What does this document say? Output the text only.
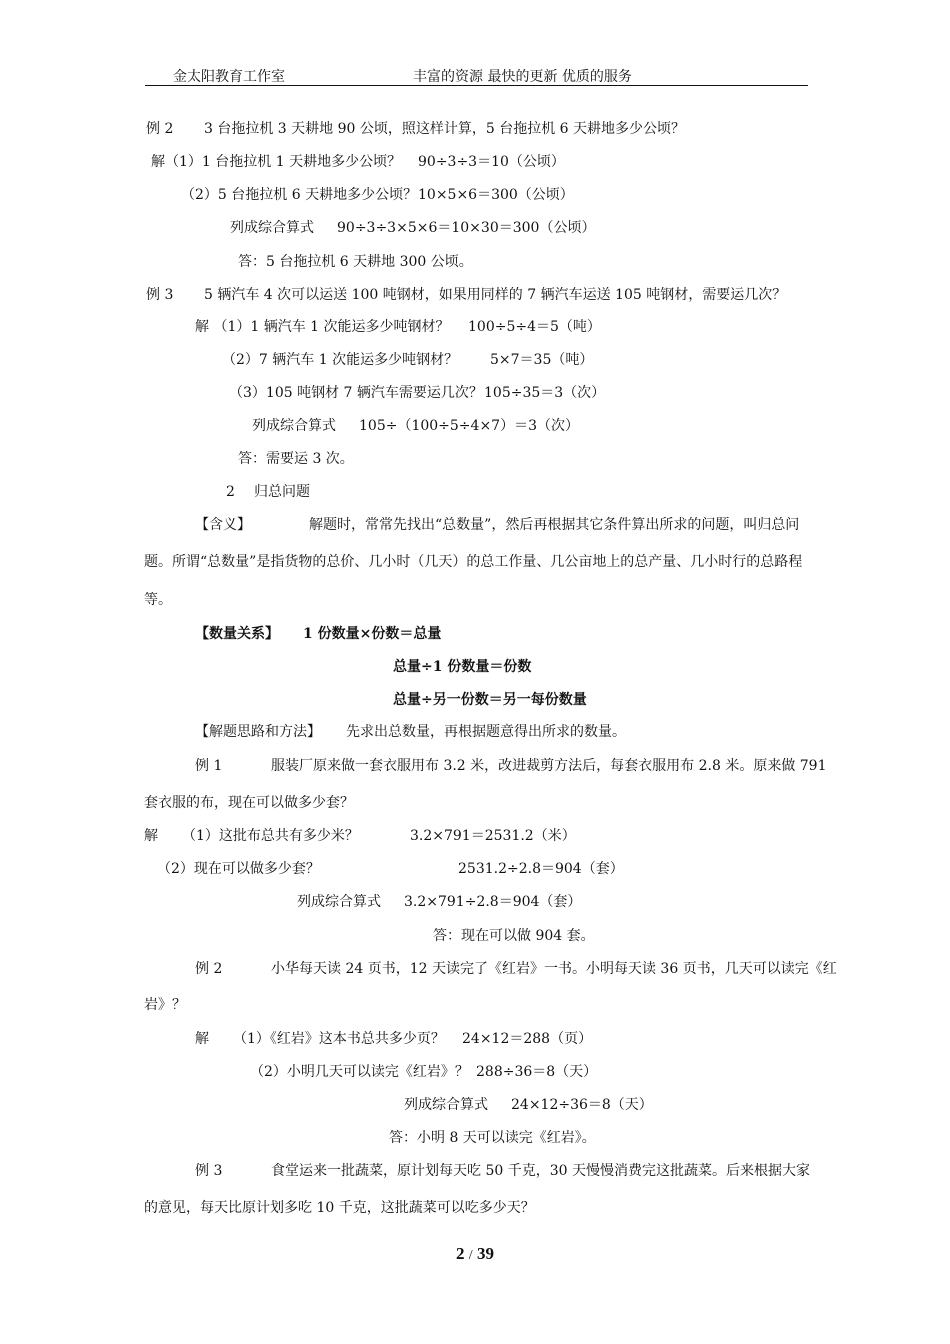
金太阳教育工作室	丰富的资源 最快的更新 优质的服务
例 2 3 台拖拉机 3 天耕地 90 公顷，照这样计算，5 台拖拉机 6 天耕地多少公顷？
解（1）1 台拖拉机 1 天耕地多少公顷？ 90÷3÷3＝10（公顷）
（2）5 台拖拉机 6 天耕地多少公顷？ 10×5×6＝300（公顷）
列成综合算式 90÷3÷3×5×6＝10×30＝300（公顷）
答：5 台拖拉机 6 天耕地 300 公顷。
例 3 5 辆汽车 4 次可以运送 100 吨钢材，如果用同样的 7 辆汽车运送 105 吨钢材，需要运几次？
解 （1）1 辆汽车 1 次能运多少吨钢材？ 100÷5÷4＝5（吨）
（2）7 辆汽车 1 次能运多少吨钢材？ 5×7＝35（吨）
（3）105 吨钢材 7 辆汽车需要运几次？ 105÷35＝3（次）
列成综合算式 105÷（100÷5÷4×7）＝3（次）
答：需要运 3 次。
2 归总问题
【含义】	解题时，常常先找出“总数量”，然后再根据其它条件算出所求的问题，叫归总问
题。所谓“总数量”是指货物的总价、几小时（几天）的总工作量、几公亩地上的总产量、几小时行的总路程
等。
【数量关系】 1 份数量×份数＝总量
总量÷1 份数量＝份数
总量÷另一份数＝另一每份数量
【解题思路和方法】 先求出总数量，再根据题意得出所求的数量。
例 1	服装厂原来做一套衣服用布 3.2 米，改进裁剪方法后，每套衣服用布 2.8 米。原来做 791
套衣服的布，现在可以做多少套？
解 （1）这批布总共有多少米？	3.2×791＝2531.2（米）
（2）现在可以做多少套？	2531.2÷2.8＝904（套）
列成综合算式 3.2×791÷2.8＝904（套）
答：现在可以做 904 套。
例 2	小华每天读 24 页书，12 天读完了《红岩》一书。小明每天读 36 页书，几天可以读完《红
岩》？
解 （1）《红岩》这本书总共多少页？ 24×12＝288（页）
（2）小明几天可以读完《红岩》？ 288÷36＝8（天）
列成综合算式 24×12÷36＝8（天）
答：小明 8 天可以读完《红岩》。
例 3	食堂运来一批蔬菜，原计划每天吃 50 千克，30 天慢慢消费完这批蔬菜。后来根据大家
的意见，每天比原计划多吃 10 千克，这批蔬菜可以吃多少天？
2 / 39
